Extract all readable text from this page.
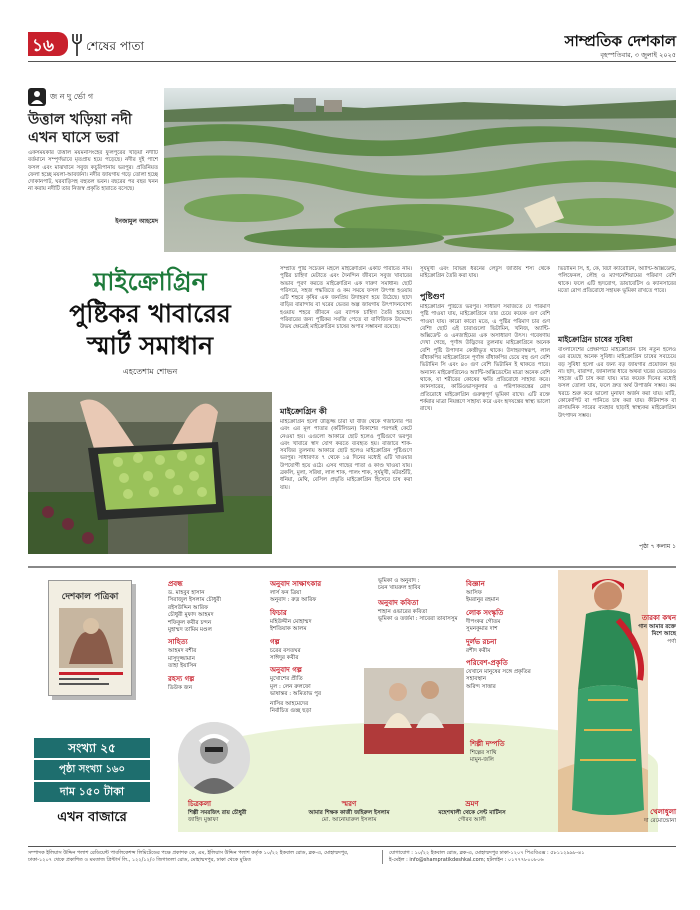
১৬	শেষের পাতা	সাম্প্রতিক দেশকাল
বৃহস্পতিবার, ৩ জুলাই ২০২৫
জ ন দু র্ভো গ
উত্তাল খড়িয়া নদী
এখন ঘাসে ভরা
একসময়কার উত্তাল ময়মনসিংহের ফুলপুরের খড়িয়া নদীটি বর্তমানে সম্পূর্ণভাবে মৃতপ্রায় হয়ে পড়েছে। নদীর দুই পাশে ফসল এবং মাঝখানে সবুজ কচুরিপানায় ভরপুর। প্রতিনিয়ত ফেলা হচ্ছে ময়লা-আবর্জনা। নদীর জায়গায় গড়ে তোলা হচ্ছে দোকানপাট, ঘরবাড়িসহ বহুতল ভবন। বছরের পর বছর খনন না করায় নদীটি তার নিজস্ব প্রকৃতি হারাতে বসেছে।
ইনজামুল আহমেদ
মাইক্রোগ্রিন
পুষ্টিকর খাবারের
স্মার্ট সমাধান
এহতেশাম শোভন
সম্প্রতি পুষ্টি সচেতন মহলে মাইক্রোগ্রিন একটি পরিচিত নাম। পুষ্টির চাহিদা মেটাতে এবং দৈনন্দিন জীবনে সবুজ খাবারের অভাব পূরণ করতে মাইক্রোগ্রিন এক দারুণ সমাধান। ছোট পরিসরে, সহজ পদ্ধতিতে ও কম সময়ে ফসল উৎপন্ন হওয়ায় এটি শহুরে কৃষির এক জনপ্রিয় উদাহরণ হয়ে উঠেছে। ছাদে বাড়ির বারান্দায় বা ঘরের ভেতর অল্প জায়গায় উৎপাদনযোগ্য হওয়ায় শহরে জীবনে এর ব্যাপক চাহিদা তৈরি হয়েছে। পরিবারের জন্য পুষ্টিকর সবজি পেতে বা বাণিজ্যিক উদ্দেশ্যে উভয় ক্ষেত্রেই মাইক্রোগ্রিন চাষের অপার সম্ভাবনা রয়েছে।
মাইক্রোগ্রিন কী
মাইক্রোগ্রিন হলো উদ্ভিজ্জ চারা যা বীজ থেকে গজানোর পর এবং এর মূল পাতার (কটিলিডন) বিকাশের পরপরই কেটে নেওয়া হয়। এগুলো আকারে ছোট হলেও পুষ্টিগুণে ভরপুর এবং খাবারে স্বাদ যোগ করতে ব্যবহৃত হয়। বাজারে শাক-সবজির তুলনায় আকারে ছোট হলেও মাইক্রোগ্রিন পুষ্টিগুণে ভরপুর। সাধারণত ৭ থেকে ১৪ দিনের মধ্যেই এটি খাওয়ার উপযোগী হয়ে ওঠে। এসব গাছের পাতা ও কাণ্ড খাওয়া যায়। ব্রকলি, মুলা, সরিষা, লাল শাক, পালং শাক, সূর্যমুখী, মটরশুঁটি, ধনিয়া, মেথি, বেসিল প্রভৃতি মাইক্রোগ্রিন হিসেবে চাষ করা যায়।
সূর্যমুখী এবং বিভিন্ন ধরনের লেটুস জাতীয় শস্য থেকে মাইক্রোগ্রিন তৈরি করা যায়।
পুষ্টিগুণ
মাইক্রোগ্রিন পুষ্টিতে ভরপুর। সাধারণ সবজিতে যে পরিমাণ পুষ্টি পাওয়া যায়, মাইক্রোগ্রিনে তার চেয়ে কয়েক গুণ বেশি পাওয়া যায়। কারো কারো মতে, এ পুষ্টির পরিমাণ চার গুণ বেশি! ছোট এই চারাগুলো ভিটামিন, খনিজ, অ্যান্টি-অক্সিডেন্ট ও এনজাইমের এক অসাধারণ উৎস। গবেষণায় দেখা গেছে, পূর্ণাঙ্গ উদ্ভিদের তুলনায় মাইক্রোগ্রিনে অনেক বেশি পুষ্টি উপাদান কেন্দ্রীভূত থাকে। উদাহরণস্বরূপ, লাল বাঁধাকপির মাইক্রোগ্রিনে পূর্ণাঙ্গ বাঁধাকপির চেয়ে বহু গুণ বেশি ভিটামিন সি এবং ৪০ গুণ বেশি ভিটামিন ই থাকতে পারে। অন্যান্য মাইক্রোগ্রিনেও অ্যান্টি-অক্সিডেন্টের মাত্রা অনেক বেশি থাকে, যা শরীরের কোষের ক্ষতি প্রতিরোধে সাহায্য করে। ক্যানসারের, কার্ডিওভাসকুলার ও পরিপাকতন্ত্রের রোগ প্রতিরোধে মাইক্রোগ্রিন গুরুত্বপূর্ণ ভূমিকা রাখে। এটি রক্তে শর্করার মাত্রা নিয়ন্ত্রণে সাহায্য করে এবং হৃদযন্ত্রের স্বাস্থ্য ভালো রাখে।
ভিটামিন সি, ই, কে, বিটা ক্যারোটিন, অ্যান্টি-অক্সিডেন্ট, পলিফেনল, লৌহ ও ম্যাগনেশিয়ামের পরিমাণ বেশি থাকে। ফলে এটি হৃদরোগ, ডায়াবেটিস ও ক্যানসারের মতো রোগ প্রতিরোধে সহায়ক ভূমিকা রাখতে পারে।
মাইক্রোগ্রিন চাষের সুবিধা
বাংলাদেশের প্রেক্ষাপটে মাইক্রোগ্রিন চাষ নতুন হলেও এর রয়েছে অনেক সুবিধা। মাইক্রোগ্রিন চাষের সবচেয়ে বড় সুবিধা হলো এর জন্য বড় জায়গার প্রয়োজন হয় না। ছাদ, বারান্দা, জানালার ধারে অথবা ঘরের ভেতরেও সহজে এটি চাষ করা যায়। মাত্র কয়েক দিনের মধ্যেই ফসল তোলা যায়, ফলে দ্রুত অর্থ উপার্জন সম্ভব। কম খরচে শুরু করে ভালো মুনাফা অর্জন করা যায়। মাটি, কোকোপিট বা পানিতে চাষ করা যায়। কীটনাশক বা রাসায়নিক সারের ব্যবহার ছাড়াই স্বাস্থ্যকর মাইক্রোগ্রিন উৎপাদন সম্ভব।
পৃষ্ঠা ৭ কলাম ১
দেশকাল পত্রিকা
সংখ্যা ২৫
পৃষ্ঠা সংখ্যা ১৬০
দাম ১৫০ টাকা
এখন বাজারে
প্রবন্ধ
ড. মাহবুব হাসান
সিরাজুল ইসলাম চৌধুরী
রইসউদ্দিন আরিফ
চৌধুরী মুফাদ আহমদ
শফিকুল কবীর চন্দন
মুহাম্মদ তামিম মণ্ডল
সাহিত্য
আহমদ বশীর
মাসুদুজ্জামান
তাহা ইয়াসিন
রহস্য গল্প
ডিউক জন
অনুবাদ সাক্ষাৎকার
লার্স ফন ত্রিয়া
অনুবাদ : রুদ্র আরিফ
ফিচার
মহিউদ্দীন মোহাম্মদ
ইশতিয়াক আলম
গল্প
চরের বসতঘর
সাঈদুর কবীর
অনুবাদ গল্প
মুখোশের প্রীতি
মূল : লেন রুলফো
ভাষান্তর : অমিতাভ পুর
নাসির আহমেদের
নির্বাচিত গুচ্ছ ছড়া
ভূমিকা ও অনুবাদ :
চয়ন খায়রুল হাবিব
অনুবাদ কবিতা
শাহান ওভারের কবিতা
ভূমিকা ও তর্জমা : সাবেরা তাবাসসুম
বিজ্ঞান
আসিফ
ইমরানুর রহমান
লোক সংস্কৃতি
দীপংকর গৌতম
সুমনকুমার দাশ
দুর্লভ রচনা
রশীদ করীম
পরিবেশ-প্রকৃতি
যেখানে মানুষের সঙ্গে প্রকৃতির সহাবস্থান
অরিন্দ সাত্তার
শিল্পী দম্পতি
শিল্পের সাথি
মামুন-জলি
তারকা কথন
গান আমার রক্তে
মিশে আছে
পর্ণা
খেলাধুলা
দা রেমোন্ডোনা
চিত্রকলা
শিল্পী সমরজিৎ রায় চৌধুরী
জাহিদ মুস্তাফা
স্মরণ
আমার শিক্ষক কাজী জহিরুল ইসলাম
মো. আনোয়ারুল ইসলাম
ভ্রমণ
মহেশখালী থেকে সেন্ট মার্টিনস
গৌরব আলী
সম্পাদক ইলিয়াস উদ্দিন পলাশ রেডিয়েন্ট পাবলিকেশন্স লিমিটেডের পক্ষে প্রকাশক কে, এম, ইলিয়াস উদ্দিন পলাশ কর্তৃক ১০/২২ ইকবাল রোড, ব্লক-এ, মোহাম্মদপুর, ঢাকা-১২০৭ থেকে প্রকাশিত ও মমতাজ প্রিন্টার্স লি., ১২২/১২/৩ জিগাতলা রোড, মোহাম্মদপুর, ঢাকা থেকে মুদ্রিত
যোগাযোগ : ১০/২২ ইকবাল রোড, ব্লক-এ, মোহাম্মদপুর ঢাকা-১২০৭ পিএবিএক্স : ৫৮১১২৯৯৮-৪১
ই-মেইল : info@shampratikdeshkal.com; হটলাইন : ০১৭৭৭৮০০৮০৬
